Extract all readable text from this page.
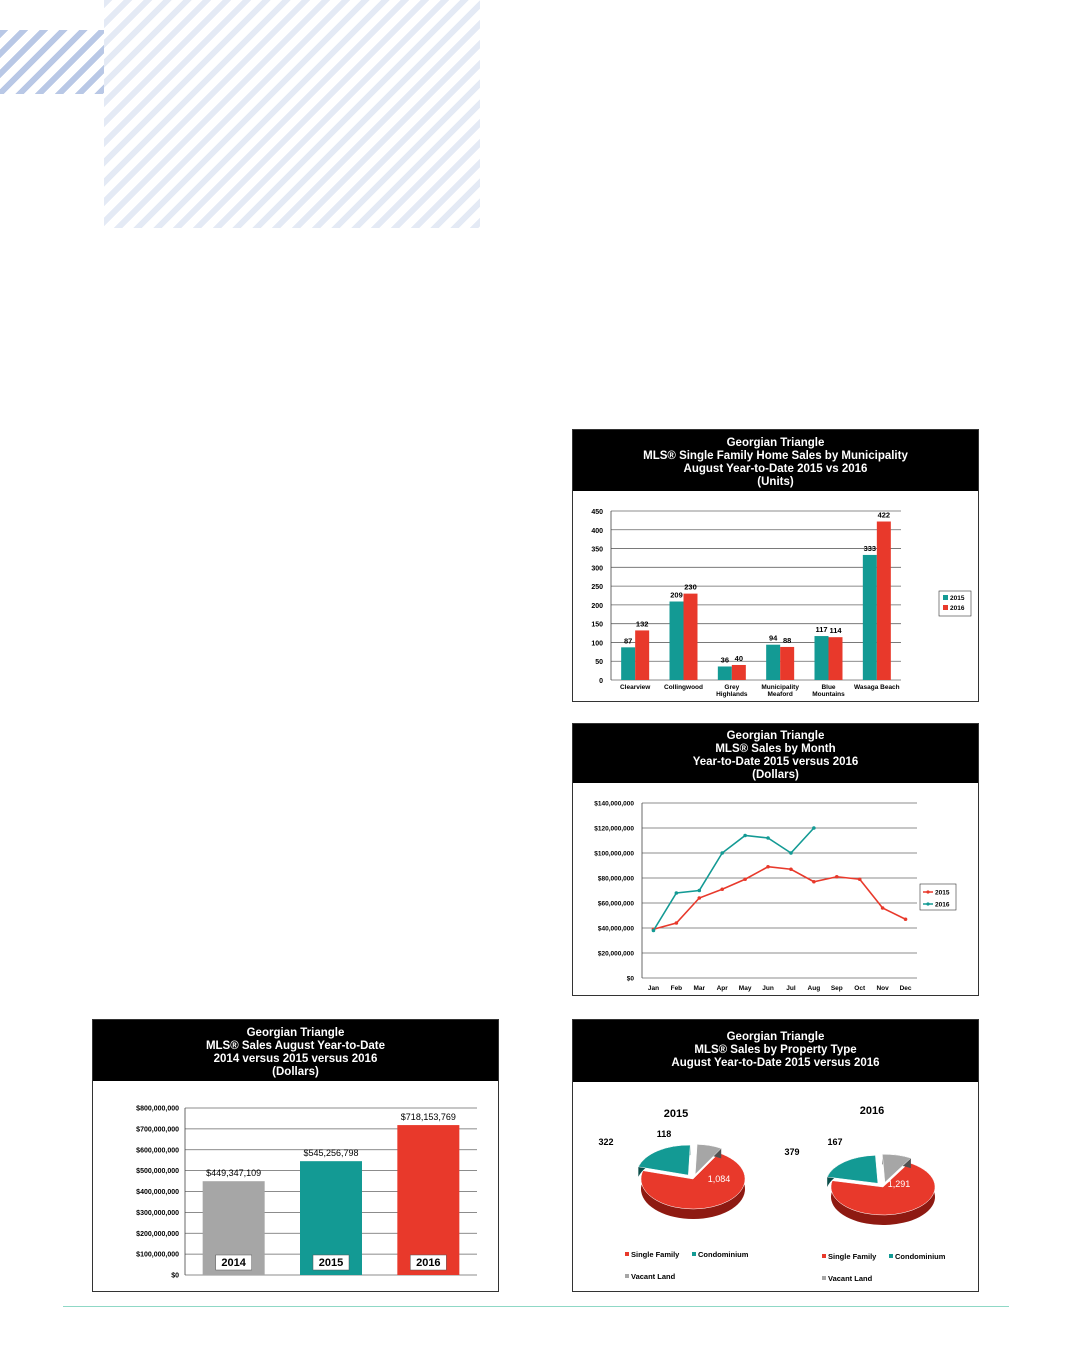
Georgian Triangle
MLS® Single Family Home Sales by Municipality
August Year-to-Date 2015 vs 2016
(Units)
0
50
100
150
200
250
300
350
400
450
87
132
Clearview
209
230
Collingwood
36 40
Grey
Highlands
94 88
Municipality
Meaford
117 114
Blue
Mountains
333
422
Wasaga Beach
2015
2016
Georgian Triangle
MLS® Sales by Month
Year-to-Date 2015 versus 2016
(Dollars)
$0
$20,000,000
$40,000,000
$60,000,000
$80,000,000
$100,000,000
$120,000,000
$140,000,000
Jan Feb Mar Apr May Jun Jul Aug Sep Oct Nov Dec
2015
2016
Georgian Triangle
MLS® Sales August Year-to-Date
2014 versus 2015 versus 2016
(Dollars)
$0
$100,000,000
$200,000,000
$300,000,000
$400,000,000
$500,000,000
$600,000,000
$700,000,000
$800,000,000
$449,347,109
2014
$545,256,798
2015
$718,153,769
2016
Georgian Triangle
MLS® Sales by Property Type
August Year-to-Date 2015 versus 2016
2015
1,084
322
118
Single Family Condominium
Vacant Land
2016
1,291
379
167
Single Family Condominium
Vacant Land
